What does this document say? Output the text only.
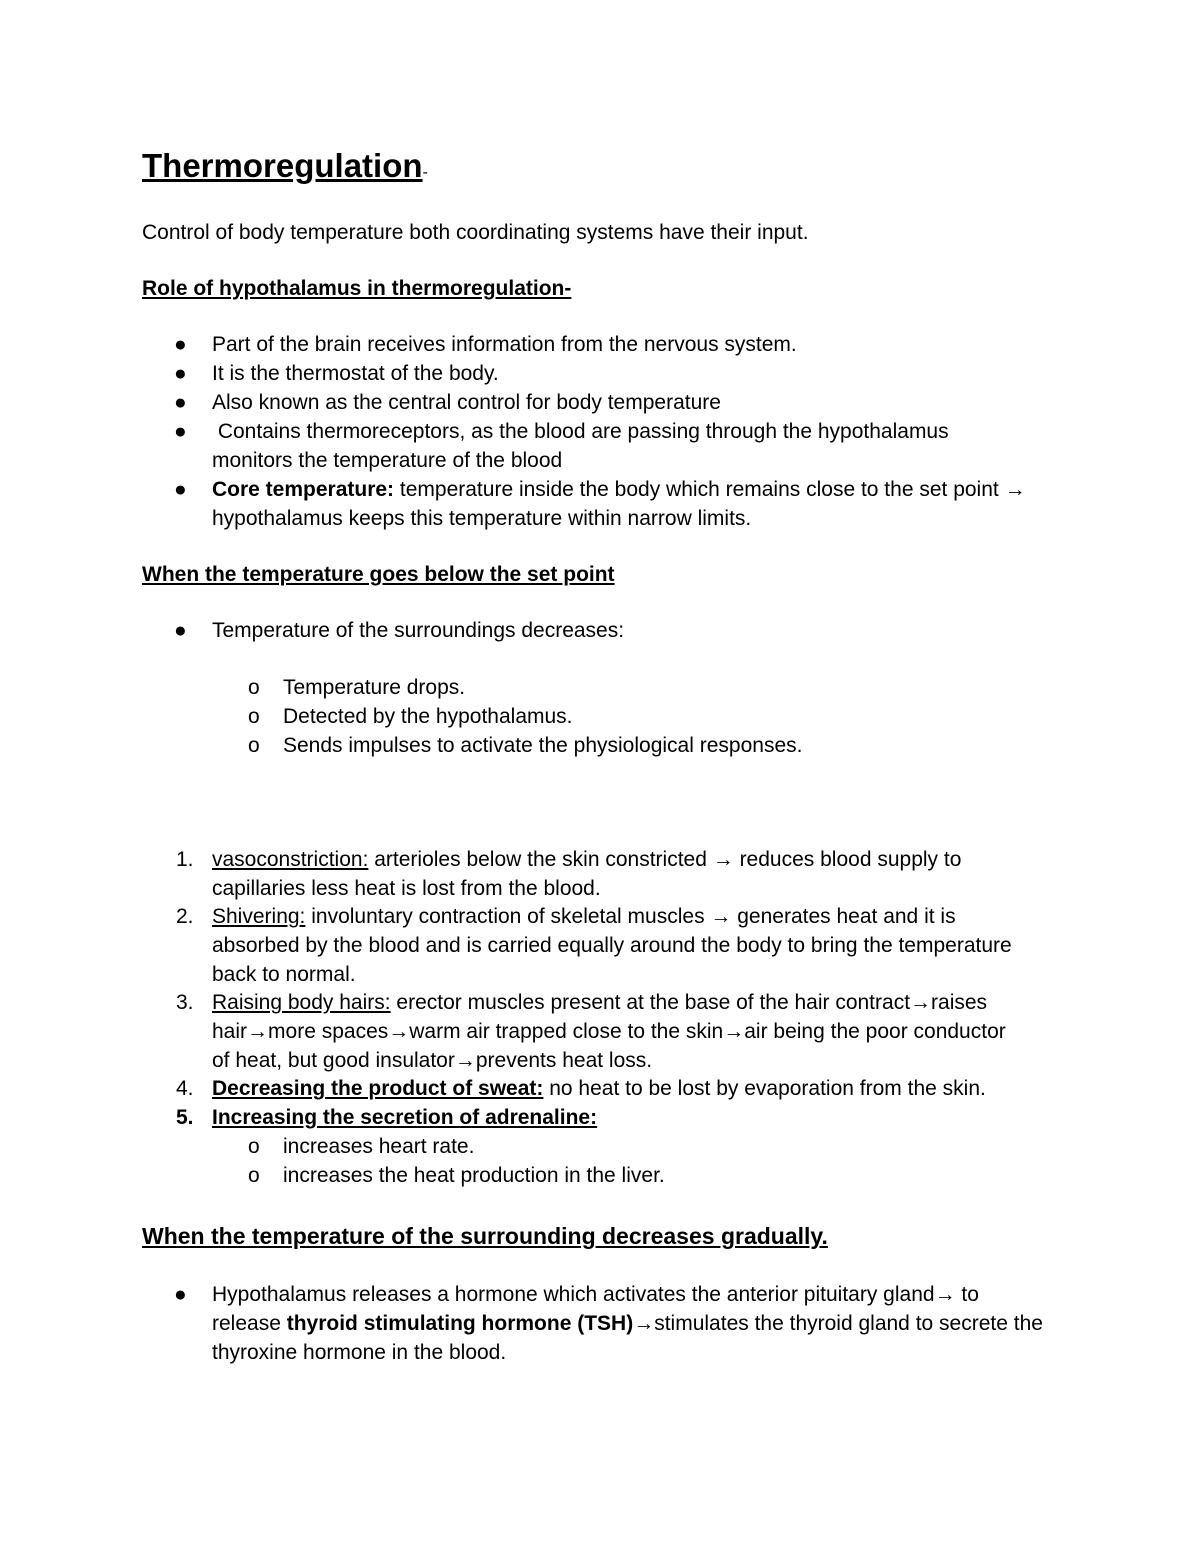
Thermoregulation-
Control of body temperature both coordinating systems have their input.
Role of hypothalamus in thermoregulation-
● Part of the brain receives information from the nervous system.
● It is the thermostat of the body.
● Also known as the central control for body temperature
● Contains thermoreceptors, as the blood are passing through the hypothalamus
monitors the temperature of the blood
● Core temperature: temperature inside the body which remains close to the set point →
hypothalamus keeps this temperature within narrow limits.
When the temperature goes below the set point
● Temperature of the surroundings decreases:
o Temperature drops.
o Detected by the hypothalamus.
o Sends impulses to activate the physiological responses.
1. vasoconstriction: arterioles below the skin constricted → reduces blood supply to
capillaries less heat is lost from the blood.
2. Shivering: involuntary contraction of skeletal muscles → generates heat and it is
absorbed by the blood and is carried equally around the body to bring the temperature
back to normal.
3. Raising body hairs: erector muscles present at the base of the hair contract→raises
hair→more spaces→warm air trapped close to the skin→air being the poor conductor
of heat, but good insulator→prevents heat loss.
4. Decreasing the product of sweat: no heat to be lost by evaporation from the skin.
5. Increasing the secretion of adrenaline:
o increases heart rate.
o increases the heat production in the liver.
When the temperature of the surrounding decreases gradually.
● Hypothalamus releases a hormone which activates the anterior pituitary gland→ to
release thyroid stimulating hormone (TSH)→stimulates the thyroid gland to secrete the
thyroxine hormone in the blood.
